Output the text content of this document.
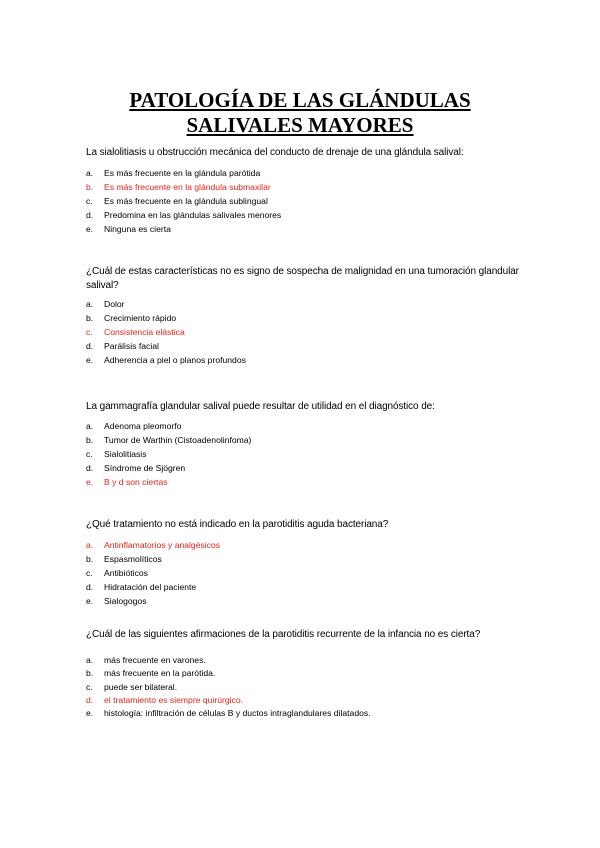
PATOLOGÍA DE LAS GLÁNDULAS
SALIVALES MAYORES
La sialolitiasis u obstrucción mecánica del conducto de drenaje de una glándula salival:
a. Es más frecuente en la glándula parótida
b. Es más frecuente en la glándula submaxilar
c. Es más frecuente en la glándula sublingual
d. Predomina en las glándulas salivales menores
e. Ninguna es cierta
¿Cuál de estas características no es signo de sospecha de malignidad en una tumoración glandular salival?
a. Dolor
b. Crecimiento rápido
c. Consistencia elástica
d. Parálisis facial
e. Adherencia a piel o planos profundos
La gammagrafía glandular salival puede resultar de utilidad en el diagnóstico de:
a. Adenoma pleomorfo
b. Tumor de Warthin (Cistoadenolinfoma)
c. Sialolitiasis
d. Síndrome de Sjögren
e. B y d son ciertas
¿Qué tratamiento no está indicado en la parotiditis aguda bacteriana?
a. Antinflamatorios y analgésicos
b. Espasmolíticos
c. Antibióticos
d. Hidratación del paciente
e. Sialogogos
¿Cuál de las siguientes afirmaciones de la parotiditis recurrente de la infancia no es cierta?
a. más frecuente en varones.
b. más frecuente en la parótida.
c. puede ser bilateral.
d. el tratamiento es siempre quirúrgico.
e. histología: infiltración de células B y ductos intraglandulares dilatados.
